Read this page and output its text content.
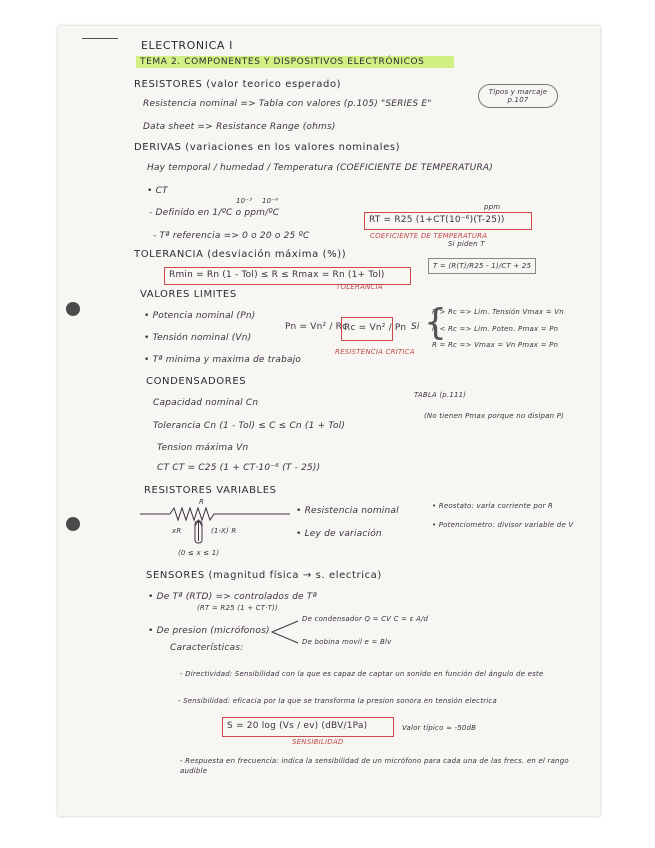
ELECTRONICA I
TEMA 2. COMPONENTES Y DISPOSITIVOS ELECTRÓNICOS
RESISTORES (valor teorico esperado)
Resistencia nominal => Tabla con valores (p.105) "SERIES E"
Tipos y marcaje p.107
Data sheet => Resistance Range (ohms)
DERIVAS (variaciones en los valores nominales)
Hay temporal / humedad / Temperatura (COEFICIENTE DE TEMPERATURA)
• CT
10⁻³ 10⁻⁶
- Definido en 1/ºC o ppm/ºC
- Tª referencia => 0 o 20 o 25 ºC
ppm
RT = R25 (1+CT(10⁻⁶)(T-25))
COEFICIENTE DE TEMPERATURA
Si piden T
T = (R(T)/R25 - 1)/CT + 25
TOLERANCIA (desviación máxima (%))
Rmin = Rn (1 - Tol) ≤ R ≤ Rmax = Rn (1+ Tol)
TOLERANCIA
VALORES LIMITES
• Potencia nominal (Pn)
• Tensión nominal (Vn)
• Tª minima y maxima de trabajo
Pn = Vn² / Rc
Rc = Vn² / Pn
RESISTENCIA CRITICA
Si
R > Rc => Lim. Tensión Vmax = Vn
R < Rc => Lim. Poten. Pmax = Pn
R = Rc => Vmax = Vn Pmax = Pn
{
CONDENSADORES
Capacidad nominal Cn
TABLA (p.111)
Tolerancia Cn (1 - Tol) ≤ C ≤ Cn (1 + Tol)
(No tienen Pmax porque no disipan P)
Tension máxima Vn
CT CT = C25 (1 + CT·10⁻⁶ (T - 25))
RESISTORES VARIABLES
R
xR	(1-X) R
(0 ≤ x ≤ 1)
• Resistencia nominal
• Ley de variación
• Reostato: varía corriente por R
• Potenciometro: divisor variable de V
SENSORES (magnitud física → s. electrica)
• De Tª (RTD) => controlados de Tª
(RT = R25 (1 + CT·T))
• De presion (micrófonos)
De condensador Q = CV C = ε A/d
De bobina movil e = Blv
Características:
- Directividad: Sensibilidad con la que es capaz de captar un sonido en función del ángulo de este
- Sensibilidad: eficacia por la que se transforma la presion sonora en tensión electrica
S = 20 log (Vs / ev) (dBV/1Pa)
SENSIBILIDAD
Valor típico ≈ -50dB
- Respuesta en frecuencia: indica la sensibilidad de un micrófono para cada una de las frecs. en el rango audible
